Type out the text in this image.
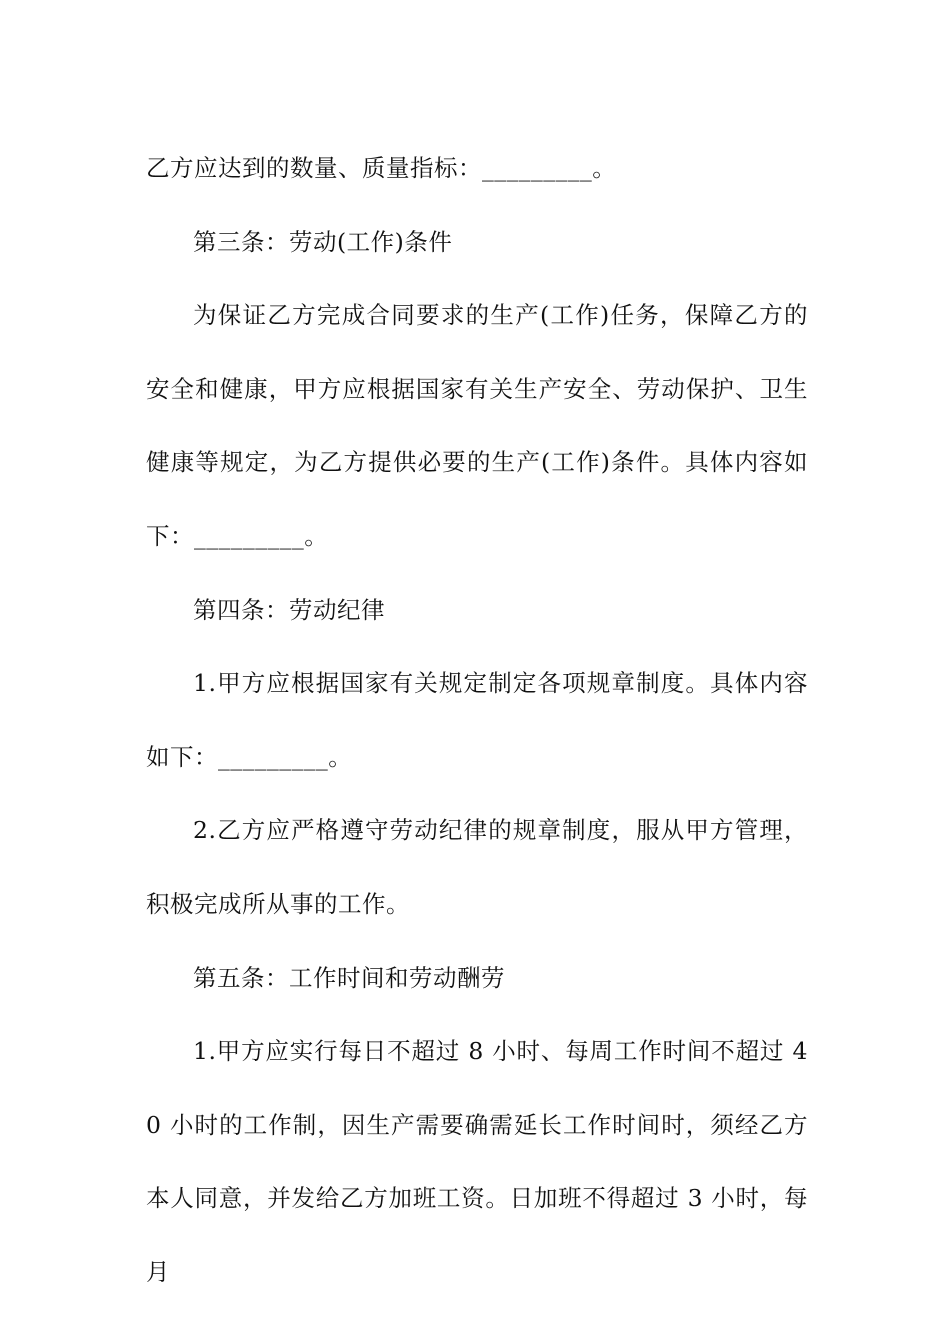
乙方应达到的数量、质量指标：_________。

第三条：劳动(工作)条件

为保证乙方完成合同要求的生产(工作)任务，保障乙方的安全和健康，甲方应根据国家有关生产安全、劳动保护、卫生健康等规定，为乙方提供必要的生产(工作)条件。具体内容如下：_________。

第四条：劳动纪律

1.甲方应根据国家有关规定制定各项规章制度。具体内容如下：_________。

2.乙方应严格遵守劳动纪律的规章制度，服从甲方管理，积极完成所从事的工作。

第五条：工作时间和劳动酬劳

1.甲方应实行每日不超过 8 小时、每周工作时间不超过 40 小时的工作制，因生产需要确需延长工作时间时，须经乙方本人同意，并发给乙方加班工资。日加班不得超过 3 小时，每月
